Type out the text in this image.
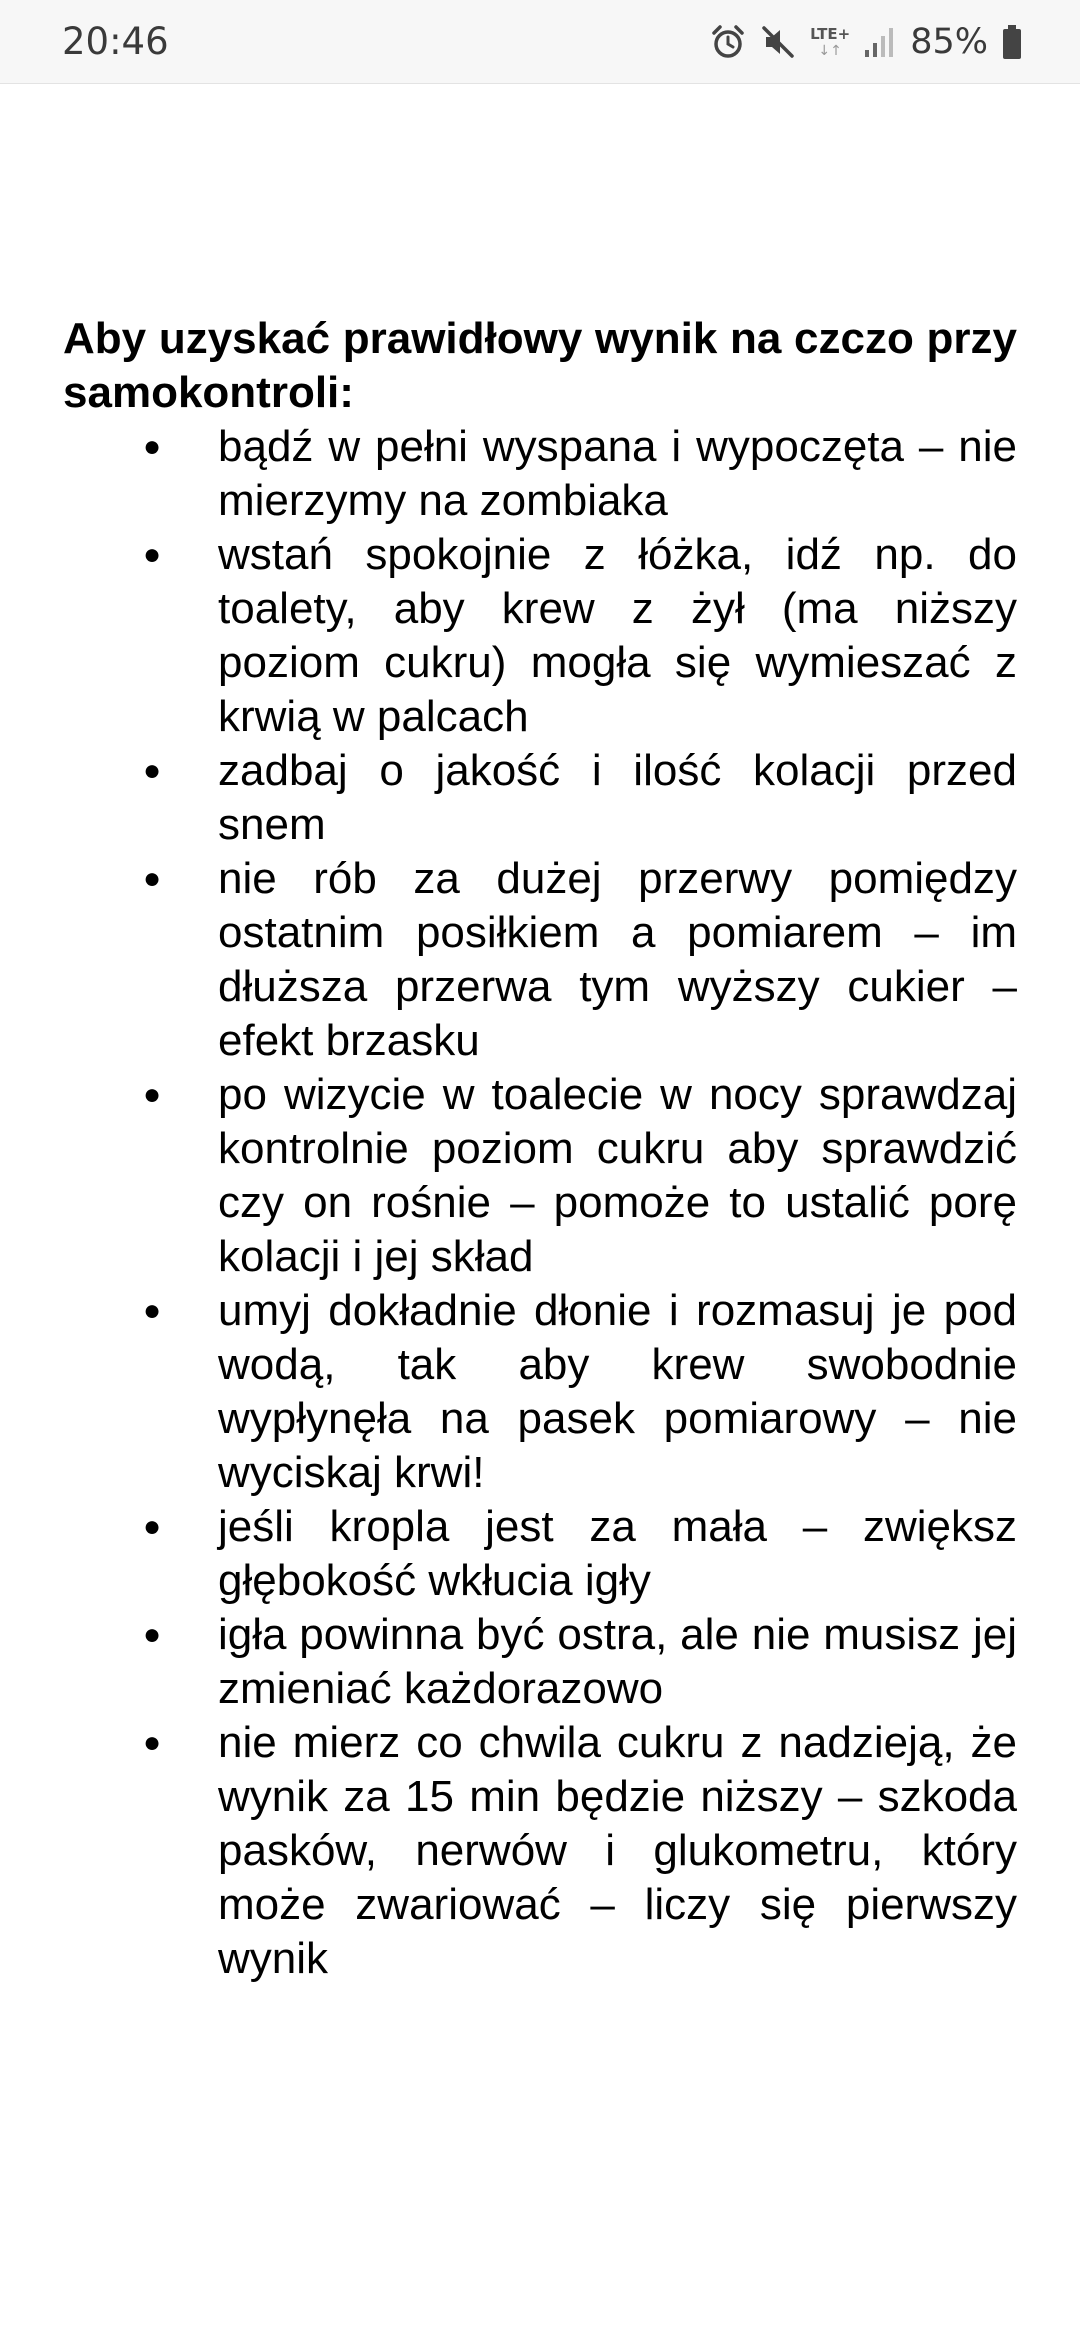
20:46	LTE+
↓↑ 85%
Aby uzyskać prawidłowy wynik na czczo przy samokontroli:
● bądź w pełni wyspana i wypoczęta – nie mierzymy na zombiaka
● wstań spokojnie z łóżka, idź np. do toalety, aby krew z żył (ma niższy poziom cukru) mogła się wymieszać z krwią w palcach
● zadbaj o jakość i ilość kolacji przed snem
● nie rób za dużej przerwy pomiędzy ostatnim posiłkiem a pomiarem – im dłuższa przerwa tym wyższy cukier – efekt brzasku
● po wizycie w toalecie w nocy sprawdzaj kontrolnie poziom cukru aby sprawdzić czy on rośnie – pomoże to ustalić porę kolacji i jej skład
● umyj dokładnie dłonie i rozmasuj je pod wodą, tak aby krew swobodnie wypłynęła na pasek pomiarowy – nie wyciskaj krwi!
● jeśli kropla jest za mała – zwiększ głębokość wkłucia igły
● igła powinna być ostra, ale nie musisz jej zmieniać każdorazowo
● nie mierz co chwila cukru z nadzieją, że wynik za 15 min będzie niższy – szkoda pasków, nerwów i glukometru, który może zwariować – liczy się pierwszy wynik
